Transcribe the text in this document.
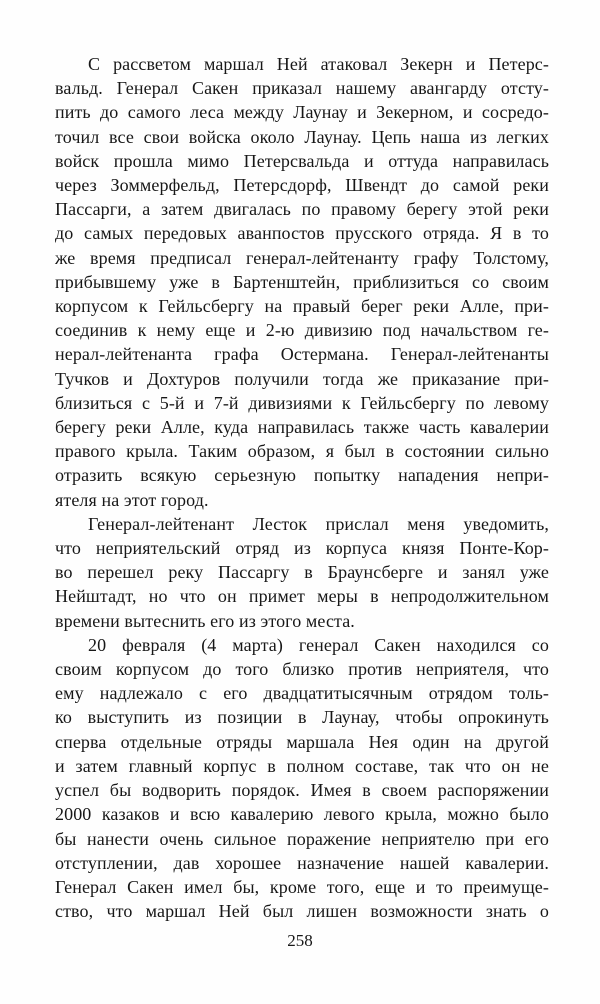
С рассветом маршал Ней атаковал Зекерн и Петерс-
вальд. Генерал Сакен приказал нашему авангарду отсту-
пить до самого леса между Лаунау и Зекерном, и сосредо-
точил все свои войска около Лаунау. Цепь наша из легких
войск прошла мимо Петерсвальда и оттуда направилась
через Зоммерфельд, Петерсдорф, Швендт до самой реки
Пассарги, а затем двигалась по правому берегу этой реки
до самых передовых аванпостов прусского отряда. Я в то
же время предписал генерал-лейтенанту графу Толстому,
прибывшему уже в Бартенштейн, приблизиться со своим
корпусом к Гейльсбергу на правый берег реки Алле, при-
соединив к нему еще и 2-ю дивизию под начальством ге-
нерал-лейтенанта графа Остермана. Генерал-лейтенанты
Тучков и Дохтуров получили тогда же приказание при-
близиться с 5-й и 7-й дивизиями к Гейльсбергу по левому
берегу реки Алле, куда направилась также часть кавалерии
правого крыла. Таким образом, я был в состоянии сильно
отразить всякую серьезную попытку нападения непри-
ятеля на этот город.
Генерал-лейтенант Лесток прислал меня уведомить,
что неприятельский отряд из корпуса князя Понте-Кор-
во перешел реку Пассаргу в Браунсберге и занял уже
Нейштадт, но что он примет меры в непродолжительном
времени вытеснить его из этого места.
20 февраля (4 марта) генерал Сакен находился со
своим корпусом до того близко против неприятеля, что
ему надлежало с его двадцатитысячным отрядом толь-
ко выступить из позиции в Лаунау, чтобы опрокинуть
сперва отдельные отряды маршала Нея один на другой
и затем главный корпус в полном составе, так что он не
успел бы водворить порядок. Имея в своем распоряжении
2000 казаков и всю кавалерию левого крыла, можно было
бы нанести очень сильное поражение неприятелю при его
отступлении, дав хорошее назначение нашей кавалерии.
Генерал Сакен имел бы, кроме того, еще и то преимуще-
ство, что маршал Ней был лишен возможности знать о
258
